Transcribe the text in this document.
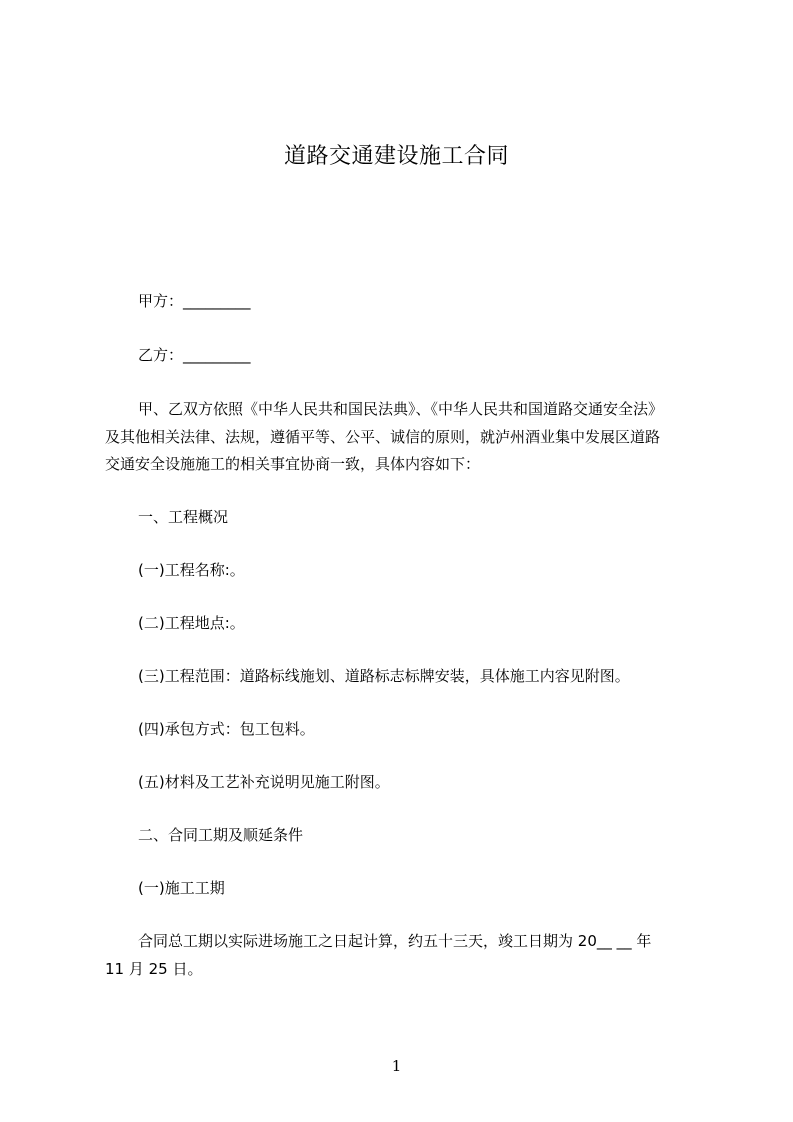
道路交通建设施工合同
甲方：_________
乙方：_________
甲、乙双方依照《中华人民共和国民法典》、《中华人民共和国道路交通安全法》
及其他相关法律、法规，遵循平等、公平、诚信的原则，就泸州酒业集中发展区道路
交通安全设施施工的相关事宜协商一致，具体内容如下：
一、工程概况
(一)工程名称:。
(二)工程地点:。
(三)工程范围：道路标线施划、道路标志标牌安装，具体施工内容见附图。
(四)承包方式：包工包料。
(五)材料及工艺补充说明见施工附图。
二、合同工期及顺延条件
(一)施工工期
合同总工期以实际进场施工之日起计算，约五十三天，竣工日期为 20__ __ 年
11 月 25 日。
1
